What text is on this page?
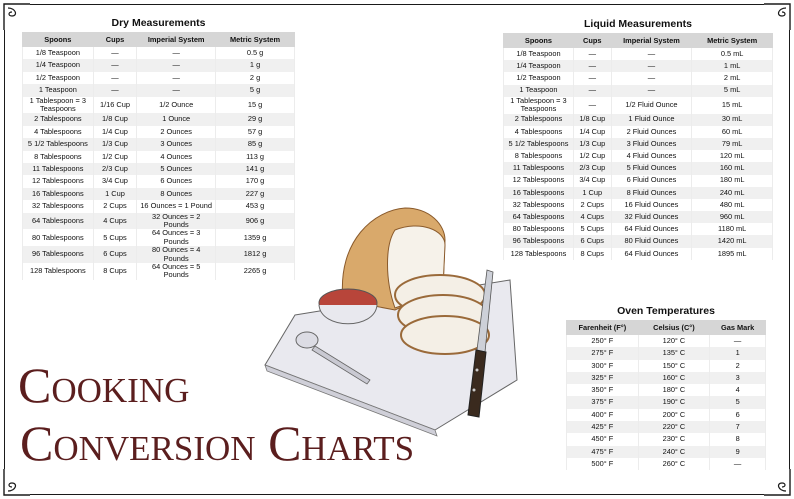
Dry Measurements
Spoons	Cups	Imperial System	Metric System
1/8 Teaspoon	—	—	0.5 g
1/4 Teaspoon	—	—	1 g
1/2 Teaspoon	—	—	2 g
1 Teaspoon	—	—	5 g
1 Tablespoon = 3 Teaspoons	1/16 Cup	1/2 Ounce	15 g
2 Tablespoons	1/8 Cup	1 Ounce	29 g
4 Tablespoons	1/4 Cup	2 Ounces	57 g
5 1/2 Tablespoons	1/3 Cup	3 Ounces	85 g
8 Tablespoons	1/2 Cup	4 Ounces	113 g
11 Tablespoons	2/3 Cup	5 Ounces	141 g
12 Tablespoons	3/4 Cup	6 Ounces	170 g
16 Tablespoons	1 Cup	8 Ounces	227 g
32 Tablespoons	2 Cups	16 Ounces = 1 Pound	453 g
64 Tablespoons	4 Cups	32 Ounces = 2 Pounds	906 g
80 Tablespoons	5 Cups	64 Ounces = 3 Pounds	1359 g
96 Tablespoons	6 Cups	80 Ounces = 4 Pounds	1812 g
128 Tablespoons	8 Cups	64 Ounces = 5 Pounds	2265 g
Liquid Measurements
Spoons	Cups	Imperial System	Metric System
1/8 Teaspoon	—	—	0.5 mL
1/4 Teaspoon	—	—	1 mL
1/2 Teaspoon	—	—	2 mL
1 Teaspoon	—	—	5 mL
1 Tablespoon = 3 Teaspoons	—	1/2 Fluid Ounce	15 mL
2 Tablespoons	1/8 Cup	1 Fluid Ounce	30 mL
4 Tablespoons	1/4 Cup	2 Fluid Ounces	60 mL
5 1/2 Tablespoons	1/3 Cup	3 Fluid Ounces	79 mL
8 Tablespoons	1/2 Cup	4 Fluid Ounces	120 mL
11 Tablespoons	2/3 Cup	5 Fluid Ounces	160 mL
12 Tablespoons	3/4 Cup	6 Fluid Ounces	180 mL
16 Tablespoons	1 Cup	8 Fluid Ounces	240 mL
32 Tablespoons	2 Cups	16 Fluid Ounces	480 mL
64 Tablespoons	4 Cups	32 Fluid Ounces	960 mL
80 Tablespoons	5 Cups	64 Fluid Ounces	1180 mL
96 Tablespoons	6 Cups	80 Fluid Ounces	1420 mL
128 Tablespoons	8 Cups	64 Fluid Ounces	1895 mL
Oven Temperatures
Farenheit (F°)	Celsius (C°)	Gas Mark
250° F	120° C	—
275° F	135° C	1
300° F	150° C	2
325° F	160° C	3
350° F	180° C	4
375° F	190° C	5
400° F	200° C	6
425° F	220° C	7
450° F	230° C	8
475° F	240° C	9
500° F	260° C	—
Cooking
Conversion Charts
